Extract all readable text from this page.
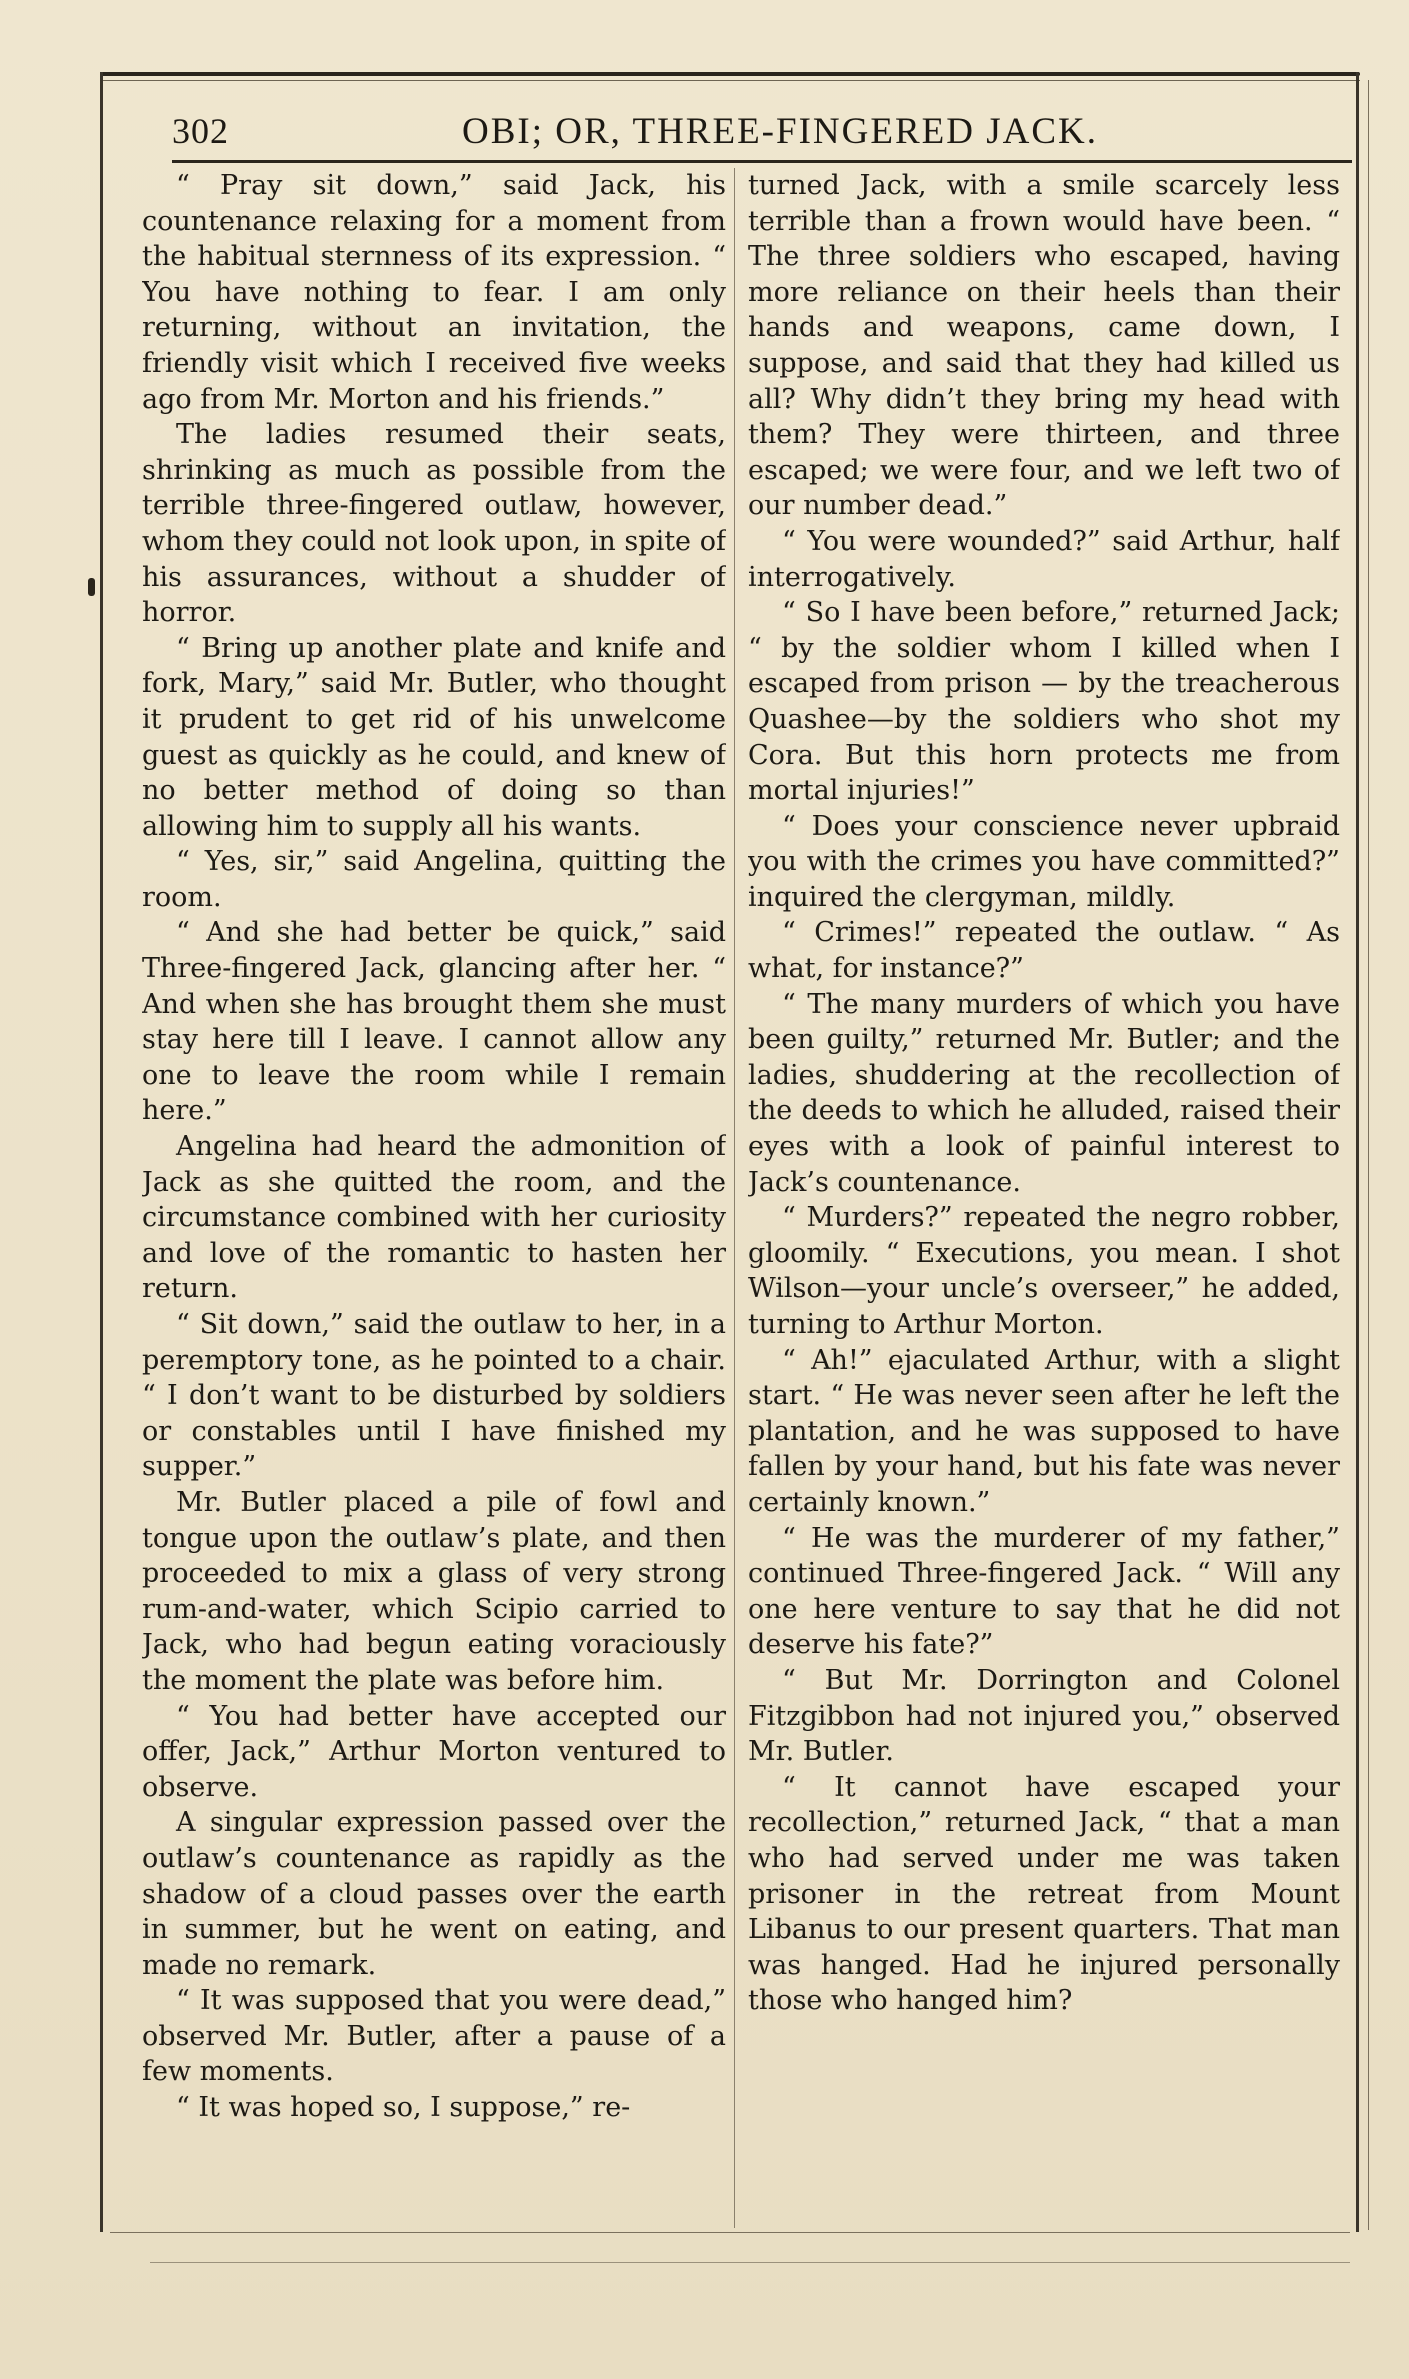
302	OBI; OR, THREE-FINGERED JACK.

“ Pray sit down,” said Jack, his countenance relaxing for a moment from the habitual sternness of its expression. “ You have nothing to fear. I am only returning, without an invitation, the friendly visit which I received five weeks ago from Mr. Morton and his friends.”

The ladies resumed their seats, shrinking as much as possible from the terrible three-fingered outlaw, however, whom they could not look upon, in spite of his assurances, without a shudder of horror.

“ Bring up another plate and knife and fork, Mary,” said Mr. Butler, who thought it prudent to get rid of his unwelcome guest as quickly as he could, and knew of no better method of doing so than allowing him to supply all his wants.

“ Yes, sir,” said Angelina, quitting the room.

“ And she had better be quick,” said Three-fingered Jack, glancing after her. “ And when she has brought them she must stay here till I leave. I cannot allow any one to leave the room while I remain here.”

Angelina had heard the admonition of Jack as she quitted the room, and the circumstance combined with her curiosity and love of the romantic to hasten her return.

“ Sit down,” said the outlaw to her, in a peremptory tone, as he pointed to a chair. “ I don’t want to be disturbed by soldiers or constables until I have finished my supper.”

Mr. Butler placed a pile of fowl and tongue upon the outlaw’s plate, and then proceeded to mix a glass of very strong rum-and-water, which Scipio carried to Jack, who had begun eating voraciously the moment the plate was before him.

“ You had better have accepted our offer, Jack,” Arthur Morton ventured to observe.

A singular expression passed over the outlaw’s countenance as rapidly as the shadow of a cloud passes over the earth in summer, but he went on eating, and made no remark.

“ It was supposed that you were dead,” observed Mr. Butler, after a pause of a few moments.

“ It was hoped so, I suppose,” re-

turned Jack, with a smile scarcely less terrible than a frown would have been. “ The three soldiers who escaped, having more reliance on their heels than their hands and weapons, came down, I suppose, and said that they had killed us all? Why didn’t they bring my head with them? They were thirteen, and three escaped; we were four, and we left two of our number dead.”

“ You were wounded?” said Arthur, half interrogatively.

“ So I have been before,” returned Jack; “ by the soldier whom I killed when I escaped from prison — by the treacherous Quashee—by the soldiers who shot my Cora. But this horn protects me from mortal injuries!”

“ Does your conscience never upbraid you with the crimes you have committed?” inquired the clergyman, mildly.

“ Crimes!” repeated the outlaw. “ As what, for instance?”

“ The many murders of which you have been guilty,” returned Mr. Butler; and the ladies, shuddering at the recollection of the deeds to which he alluded, raised their eyes with a look of painful interest to Jack’s countenance.

“ Murders?” repeated the negro robber, gloomily. “ Executions, you mean. I shot Wilson—your uncle’s overseer,” he added, turning to Arthur Morton.

“ Ah!” ejaculated Arthur, with a slight start. “ He was never seen after he left the plantation, and he was supposed to have fallen by your hand, but his fate was never certainly known.”

“ He was the murderer of my father,” continued Three-fingered Jack. “ Will any one here venture to say that he did not deserve his fate?”

“ But Mr. Dorrington and Colonel Fitzgibbon had not injured you,” observed Mr. Butler.

“ It cannot have escaped your recollection,” returned Jack, “ that a man who had served under me was taken prisoner in the retreat from Mount Libanus to our present quarters. That man was hanged. Had he injured personally those who hanged him?
